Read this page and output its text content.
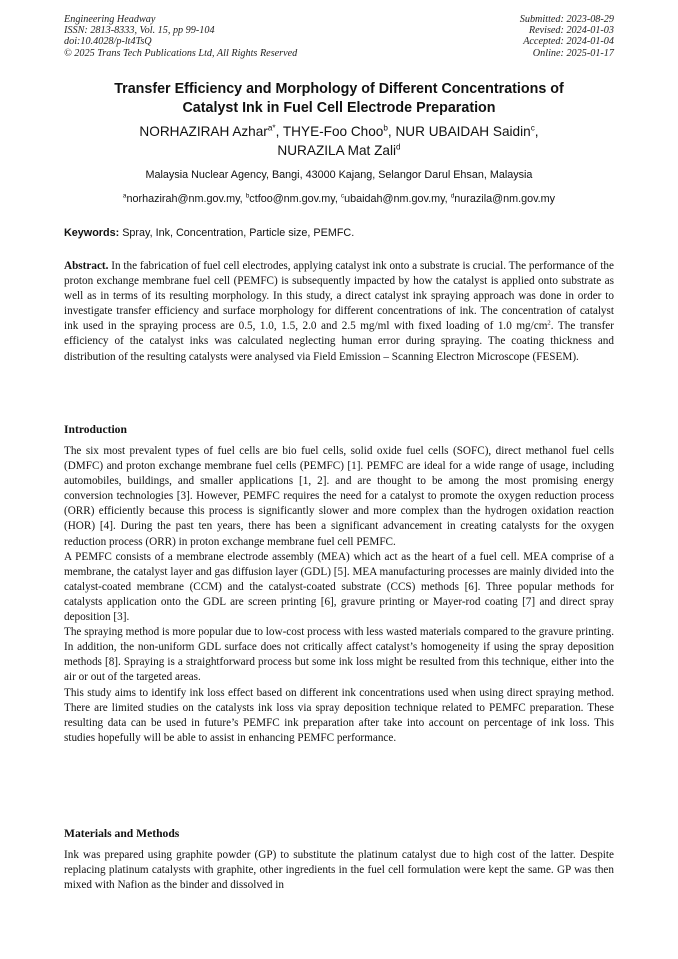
Engineering Headway
ISSN: 2813-8333, Vol. 15, pp 99-104
doi:10.4028/p-lt4TsQ
© 2025 Trans Tech Publications Ltd, All Rights Reserved
Submitted: 2023-08-29
Revised: 2024-01-03
Accepted: 2024-01-04
Online: 2025-01-17
Transfer Efficiency and Morphology of Different Concentrations of
Catalyst Ink in Fuel Cell Electrode Preparation
NORHAZIRAH Azhar$^{a*}$, THYE-Foo Choo$^b$, NUR UBAIDAH Saidin$^c$,
NURAZILA Mat Zali$^d$
Malaysia Nuclear Agency, Bangi, 43000 Kajang, Selangor Darul Ehsan, Malaysia
$^a$norhazirah@nm.gov.my, $^b$ctfoo@nm.gov.my, $^c$ubaidah@nm.gov.my, $^d$nurazila@nm.gov.my
Keywords: Spray, Ink, Concentration, Particle size, PEMFC.
Abstract. In the fabrication of fuel cell electrodes, applying catalyst ink onto a substrate is crucial. The performance of the proton exchange membrane fuel cell (PEMFC) is subsequently impacted by how the catalyst is applied onto substrate as well as in terms of its resulting morphology. In this study, a direct catalyst ink spraying approach was done in order to investigate transfer efficiency and surface morphology for different concentrations of ink. The concentration of catalyst ink used in the spraying process are 0.5, 1.0, 1.5, 2.0 and 2.5 mg/ml with fixed loading of 1.0 $mg/cm^2$. The transfer efficiency of the catalyst inks was calculated neglecting human error during spraying. The coating thickness and distribution of the resulting catalysts were analysed via Field Emission – Scanning Electron Microscope (FESEM).
Introduction

The six most prevalent types of fuel cells are bio fuel cells, solid oxide fuel cells (SOFC), direct methanol fuel cells (DMFC) and proton exchange membrane fuel cells (PEMFC) [1]. PEMFC are ideal for a wide range of usage, including automobiles, buildings, and smaller applications [1, 2]. and are thought to be among the most promising energy conversion technologies [3]. However, PEMFC requires the need for a catalyst to promote the oxygen reduction process (ORR) efficiently because this process is significantly slower and more complex than the hydrogen oxidation reaction (HOR) [4]. During the past ten years, there has been a significant advancement in creating catalysts for the oxygen reduction process (ORR) in proton exchange membrane fuel cell PEMFC.

A PEMFC consists of a membrane electrode assembly (MEA) which act as the heart of a fuel cell. MEA comprise of a membrane, the catalyst layer and gas diffusion layer (GDL) [5]. MEA manufacturing processes are mainly divided into the catalyst-coated membrane (CCM) and the catalyst-coated substrate (CCS) methods [6]. Three popular methods for catalysts application onto the GDL are screen printing [6], gravure printing or Mayer-rod coating [7] and direct spray deposition [3].

The spraying method is more popular due to low-cost process with less wasted materials compared to the gravure printing. In addition, the non-uniform GDL surface does not critically affect catalyst’s homogeneity if using the spray deposition methods [8]. Spraying is a straightforward process but some ink loss might be resulted from this technique, either into the air or out of the targeted areas.

This study aims to identify ink loss effect based on different ink concentrations used when using direct spraying method. There are limited studies on the catalysts ink loss via spray deposition technique related to PEMFC preparation. These resulting data can be used in future’s PEMFC ink preparation after take into account on percentage of ink loss. This studies hopefully will be able to assist in enhancing PEMFC performance.

Materials and Methods
Ink was prepared using graphite powder (GP) to substitute the platinum catalyst due to high cost of the latter. Despite replacing platinum catalysts with graphite, other ingredients in the fuel cell formulation were kept the same. GP was then mixed with Nafion as the binder and dissolved in
